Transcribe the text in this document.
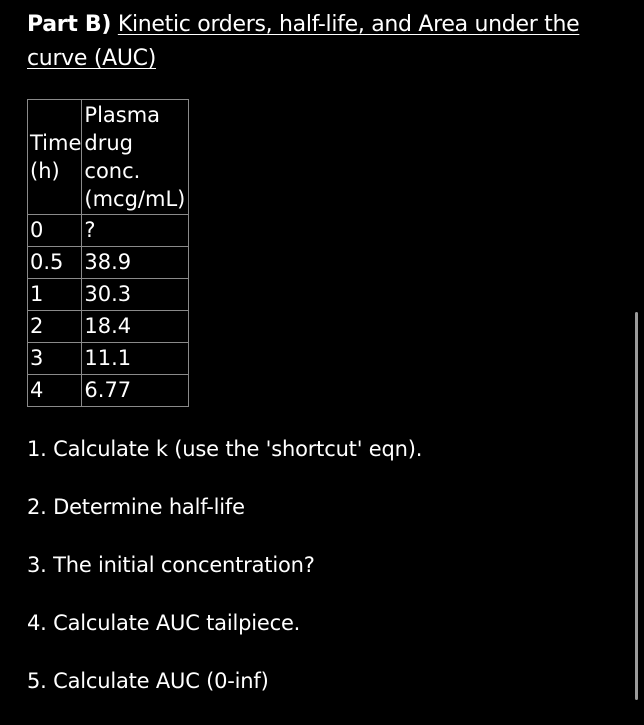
Part B) Kinetic orders, half-life, and Area under the curve (AUC)
Time (h)	Plasma drug conc. (mcg/mL)
0	?
0.5	38.9
1	30.3
2	18.4
3	11.1
4	6.77

1. Calculate k (use the 'shortcut' eqn).

2. Determine half-life

3. The initial concentration?

4. Calculate AUC tailpiece.

5. Calculate AUC (0-inf)
